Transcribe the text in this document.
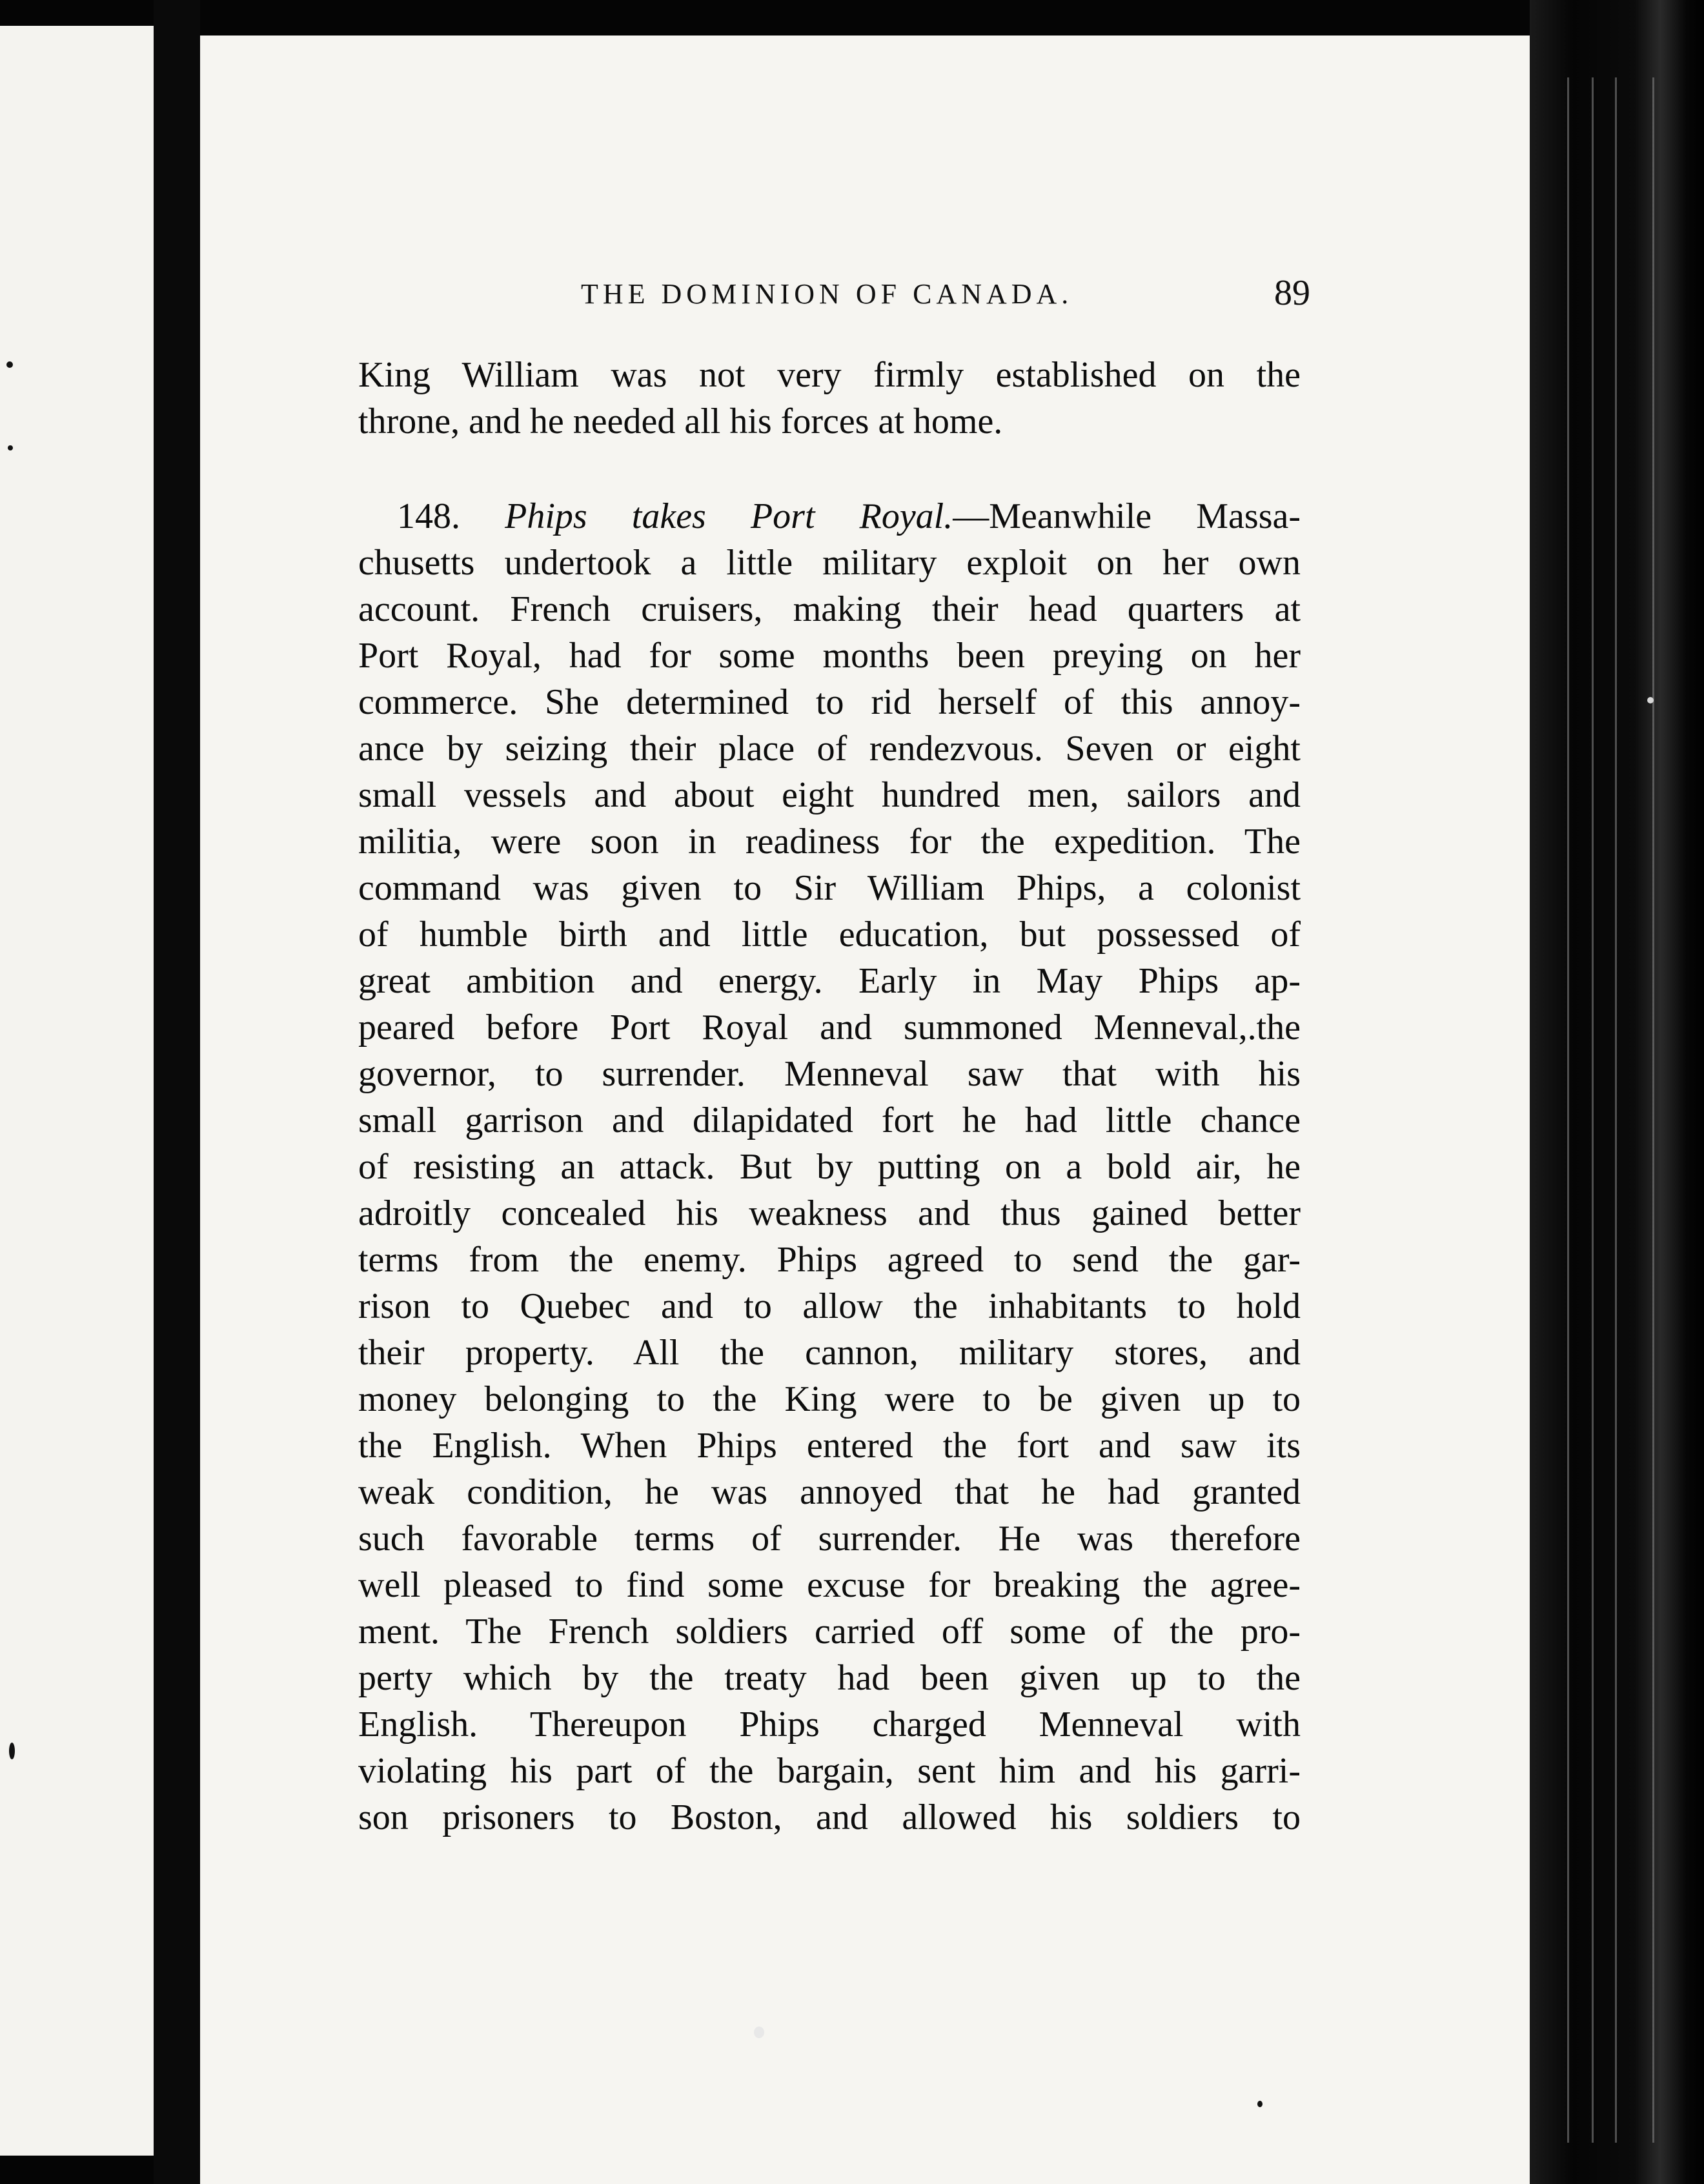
THE DOMINION OF CANADA.	89
King William was not very firmly established on the
throne, and he needed all his forces at home.
148. Phips takes Port Royal.—Meanwhile Massa-
chusetts undertook a little military exploit on her own
account. French cruisers, making their head quarters at
Port Royal, had for some months been preying on her
commerce. She determined to rid herself of this annoy-
ance by seizing their place of rendezvous. Seven or eight
small vessels and about eight hundred men, sailors and
militia, were soon in readiness for the expedition. The
command was given to Sir William Phips, a colonist
of humble birth and little education, but possessed of
great ambition and energy. Early in May Phips ap-
peared before Port Royal and summoned Menneval,.the
governor, to surrender. Menneval saw that with his
small garrison and dilapidated fort he had little chance
of resisting an attack. But by putting on a bold air, he
adroitly concealed his weakness and thus gained better
terms from the enemy. Phips agreed to send the gar-
rison to Quebec and to allow the inhabitants to hold
their property. All the cannon, military stores, and
money belonging to the King were to be given up to
the English. When Phips entered the fort and saw its
weak condition, he was annoyed that he had granted
such favorable terms of surrender. He was therefore
well pleased to find some excuse for breaking the agree-
ment. The French soldiers carried off some of the pro-
perty which by the treaty had been given up to the
English. Thereupon Phips charged Menneval with
violating his part of the bargain, sent him and his garri-
son prisoners to Boston, and allowed his soldiers to
